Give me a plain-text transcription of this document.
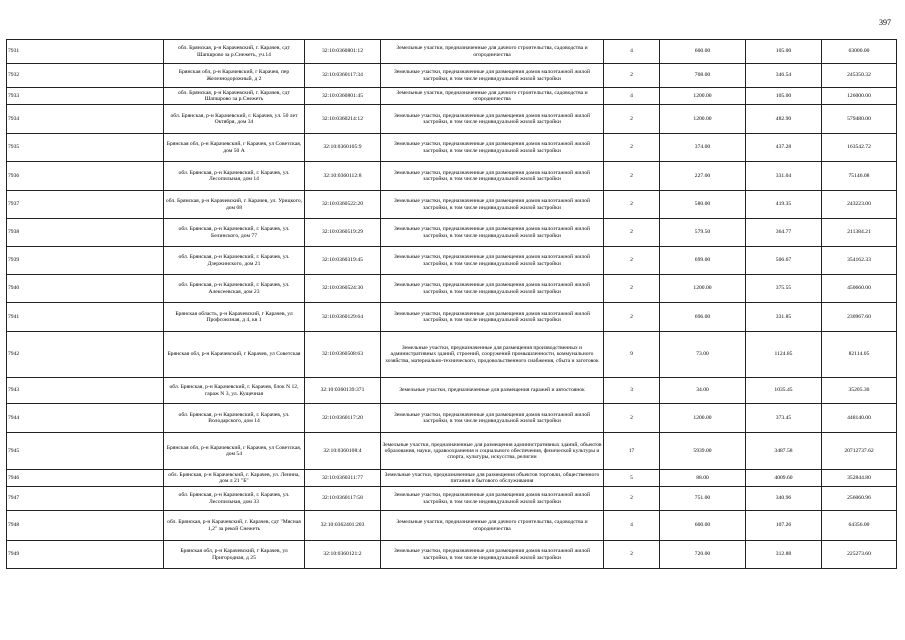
397
7931	обл. Брянская, р-н Карачевский, г. Карачев, сдт Шапшрово за р.Снежеть, уч.14	32:10:0360801:12	Земельные участки, предназначенные для дачного строительства, садоводства и огородничества	4	600.00	105.00	63000.00
7932	Брянская обл, р-н Карачевский, г Карачев, пер Железнодорожный, д 2	32:10:0360117:34	Земельные участки, предназначенные для размещения домов малоэтажной жилой застройки, в том числе индивидуальной жилой застройки	2	708.00	346.54	245350.32
7933	обл. Брянская, р-н Карачевский, г. Карачев, сдт Шапшрово за р.Снежеть	32:10:0360801:45	Земельные участки, предназначенные для дачного строительства, садоводства и огородничества	4	1200.00	105.00	126000.00
7934	обл. Брянская, р-н Карачевский, г. Карачев, ул. 50 лет Октября, дом 34	32:10:0360214:12	Земельные участки, предназначенные для размещения домов малоэтажной жилой застройки, в том числе индивидуальной жилой застройки	2	1200.00	482.90	579480.00
7935	Брянская обл, р-н Карачевский, г Карачев, ул Советская, дом 50 А	32:10:0360105:9	Земельные участки, предназначенные для размещения домов малоэтажной жилой застройки, в том числе индивидуальной жилой застройки	2	374.00	437.28	163542.72
7936	обл. Брянская, р-н Карачевский, г. Карачев, ул. Лесопильная, дом 14	32:10:0360112:8	Земельные участки, предназначенные для размещения домов малоэтажной жилой застройки, в том числе индивидуальной жилой застройки	2	227.00	331.04	75146.08
7937	обл. Брянская, р-н Карачевский, г. Карачев, ул. Урицкого, дом 68	32:10:0360522:20	Земельные участки, предназначенные для размещения домов малоэтажной жилой застройки, в том числе индивидуальной жилой застройки	2	580.00	419.35	243223.00
7938	обл. Брянская, р-н Карачевский, г. Карачев, ул. Белинского, дом 77	32:10:0360519:29	Земельные участки, предназначенные для размещения домов малоэтажной жилой застройки, в том числе индивидуальной жилой застройки	2	579.50	364.77	211384.21
7939	обл. Брянская, р-н Карачевский, г. Карачев, ул. Дзержинского, дом 21	32:10:0360319:45	Земельные участки, предназначенные для размещения домов малоэтажной жилой застройки, в том числе индивидуальной жилой застройки	2	699.00	506.67	354162.33
7940	обл. Брянская, р-н Карачевский, г. Карачев, ул. Алексеевская, дом 23	32:10:0360524:30	Земельные участки, предназначенные для размещения домов малоэтажной жилой застройки, в том числе индивидуальной жилой застройки	2	1200.00	375.55	450660.00
7941	Брянская область, р-н Карачевский, г Карачев, ул Профсоюзная, д 4, кв 1	32:10:0360129:64	Земельные участки, предназначенные для размещения домов малоэтажной жилой застройки, в том числе индивидуальной жилой застройки	2	696.00	331.85	230967.60
7942	Брянская обл, р-н Карачевский, г Карачев, ул Советская	32:10:0360508:63	Земельные участки, предназначенные для размещения производственных и административных зданий, строений, сооружений промышленности, коммунального хозяйства, материально-технического, продовольственного снабжения, сбыта и заготовок	9	73.00	1124.85	82114.05
7943	обл. Брянская, р-н Карачевский, г. Карачев, блок N 12, гараж N 3, ул. Кущечная	32:10:0360139:371	Земельные участки, предназначенные для размещения гаражей и автостоянок	3	34.00	1035.45	35205.30
7944	обл. Брянская, р-н Карачевский, г. Карачев, ул. Володарского, дом 14	32:10:0360117:20	Земельные участки, предназначенные для размещения домов малоэтажной жилой застройки, в том числе индивидуальной жилой застройки	2	1200.00	373.45	448140.00
7945	Брянская обл, р-н Карачевский, г Карачев, ул Советская, дом 54	32:10:0360108:4	Земельные участки, предназначенные для размещения административных зданий, объектов образования, науки, здравоохранения и социального обеспечения, физической культуры и спорта, культуры, искусства, религии	17	5939.00	3487.58	20712737.62
7946	обл. Брянская, р-н Карачевский, г. Карачев, ул. Ленина, дом л 21 "Б"	32:10:0360311:77	Земельные участки, предназначенные для размещения объектов торговли, общественного питания и бытового обслуживания	5	88.00	4009.60	352844.80
7947	обл. Брянская, р-н Карачевский, г. Карачев, ул. Лесопильная, дом 33	32:10:0360117:58	Земельные участки, предназначенные для размещения домов малоэтажной жилой застройки, в том числе индивидуальной жилой застройки	2	751.00	340.96	256060.96
7948	обл. Брянская, р-н Карачевский, г. Карачев, сдт "Мясная 1,2" за рекой Снежеть	32:10:0362401:203	Земельные участки, предназначенные для дачного строительства, садоводства и огородничества	4	600.00	107.26	64356.00
7949	Брянская обл, р-н Карачевский, г Карачев, ул Пригородная, д 25	32:10:0360121:2	Земельные участки, предназначенные для размещения домов малоэтажной жилой застройки, в том числе индивидуальной жилой застройки	2	720.00	312.88	225273.60
